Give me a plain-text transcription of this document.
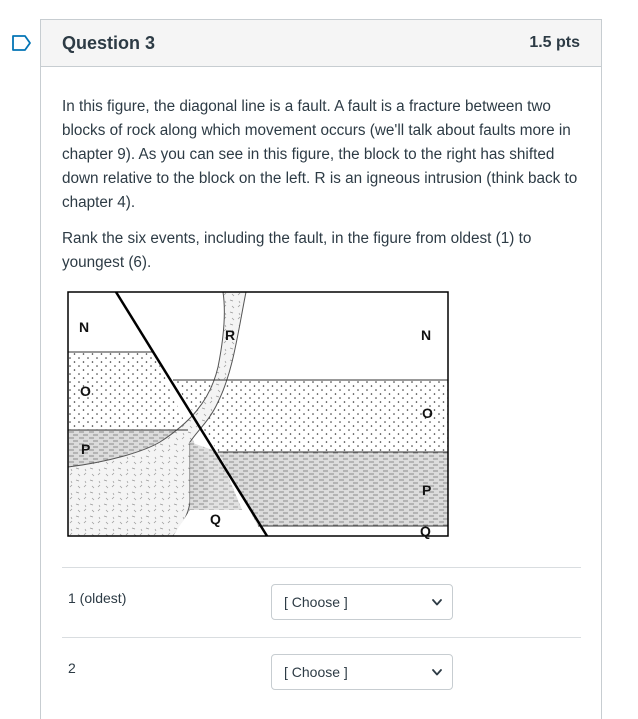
Question 3	1.5 pts

In this figure, the diagonal line is a fault. A fault is a fracture between two blocks of rock along which movement occurs (we'll talk about faults more in chapter 9). As you can see in this figure, the block to the right has shifted down relative to the block on the left. R is an igneous intrusion (think back to chapter 4).

Rank the six events, including the fault, in the figure from oldest (1) to youngest (6).

N
O
P
R	N
O
P
Q
Q
1 (oldest)	[ Choose ]
2	[ Choose ]
